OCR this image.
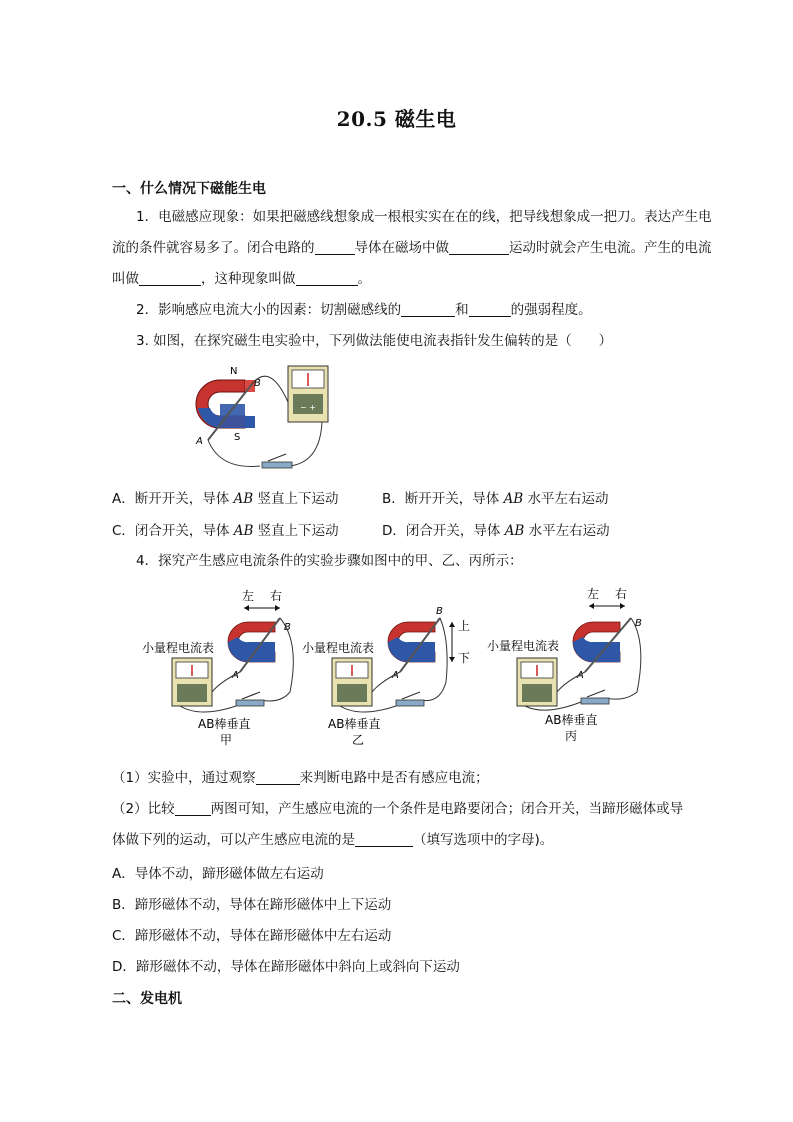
20.5 磁生电
一、什么情况下磁能生电
1．电磁感应现象：如果把磁感线想象成一根根实实在在的线，把导线想象成一把刀。表达产生电
流的条件就容易多了。闭合电路的	导体在磁场中做	运动时就会产生电流。产生的电流
叫做	，这种现象叫做	。
2．影响感应电流大小的因素：切割磁感线的	和	的强弱程度。
3. 如图，在探究磁生电实验中，下列做法能使电流表指针发生偏转的是（　　）
N
S
A
B
− +
A．断开开关，导体 AB 竖直上下运动	B．断开开关，导体 AB 水平左右运动
C．闭合开关，导体 AB 竖直上下运动	D．闭合开关，导体 AB 水平左右运动
4．探究产生感应电流条件的实验步骤如图中的甲、乙、丙所示：
左 右
A
B
小量程电流表
AB棒垂直
甲
上
下
A
B
小量程电流表
AB棒垂直
乙
左 右
A
B
小量程电流表
AB棒垂直
丙
（1）实验中，通过观察	来判断电路中是否有感应电流；
（2）比较	两图可知，产生感应电流的一个条件是电路要闭合；闭合开关，当蹄形磁体或导
体做下列的运动，可以产生感应电流的是	（填写选项中的字母)。
A．导体不动，蹄形磁体做左右运动
B．蹄形磁体不动，导体在蹄形磁体中上下运动
C．蹄形磁体不动，导体在蹄形磁体中左右运动
D．蹄形磁体不动，导体在蹄形磁体中斜向上或斜向下运动
二、发电机
